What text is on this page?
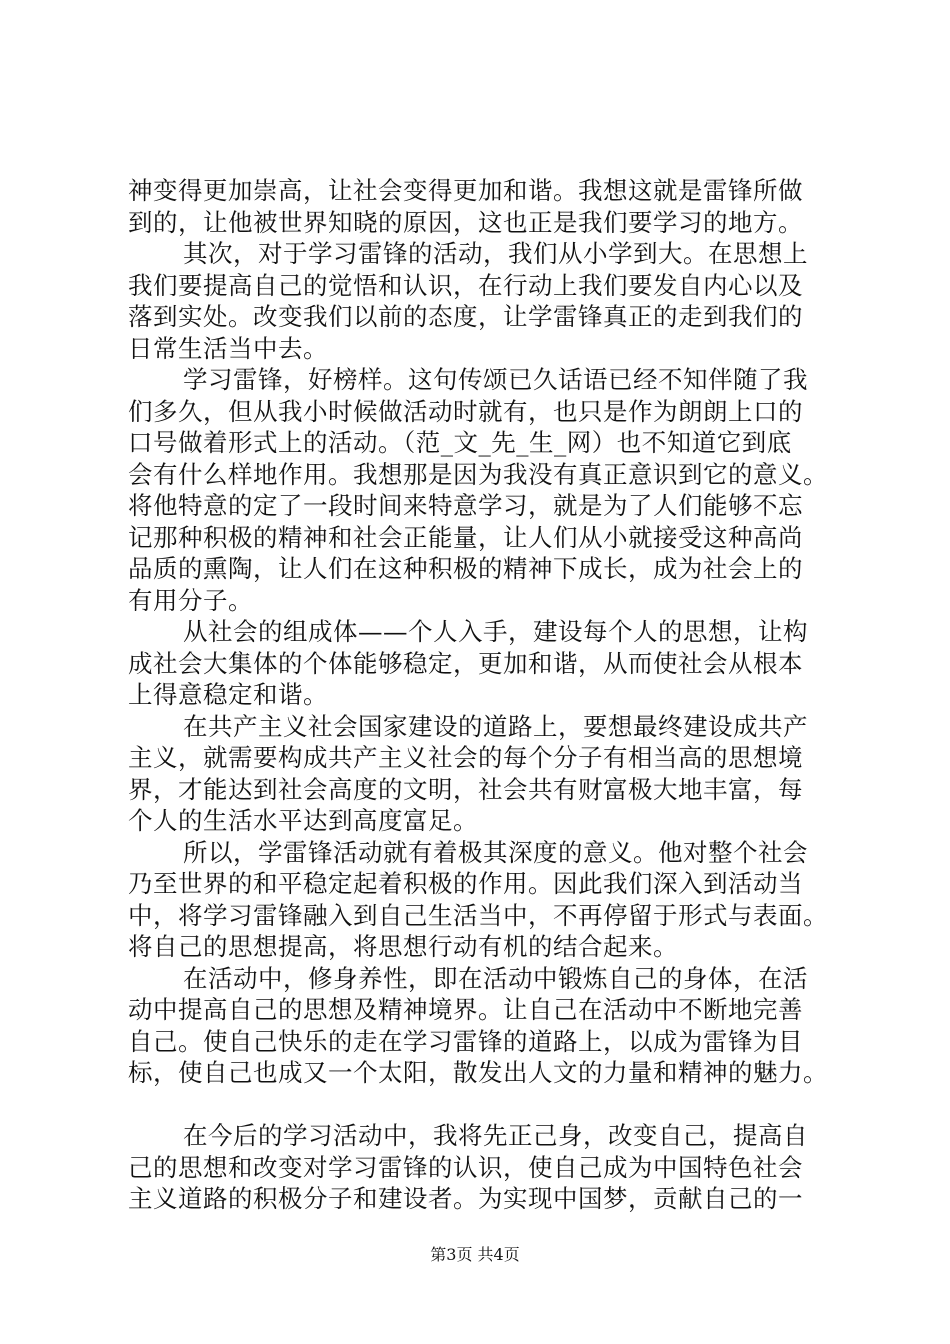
神变得更加崇高，让社会变得更加和谐。我想这就是雷锋所做
到的，让他被世界知晓的原因，这也正是我们要学习的地方。
其次，对于学习雷锋的活动，我们从小学到大。在思想上
我们要提高自己的觉悟和认识，在行动上我们要发自内心以及
落到实处。改变我们以前的态度，让学雷锋真正的走到我们的
日常生活当中去。
学习雷锋，好榜样。这句传颂已久话语已经不知伴随了我
们多久，但从我小时候做活动时就有，也只是作为朗朗上口的
口号做着形式上的活动。（范_文_先_生_网）也不知道它到底
会有什么样地作用。我想那是因为我没有真正意识到它的意义。
将他特意的定了一段时间来特意学习，就是为了人们能够不忘
记那种积极的精神和社会正能量，让人们从小就接受这种高尚
品质的熏陶，让人们在这种积极的精神下成长，成为社会上的
有用分子。
从社会的组成体——个人入手，建设每个人的思想，让构
成社会大集体的个体能够稳定，更加和谐，从而使社会从根本
上得意稳定和谐。
在共产主义社会国家建设的道路上，要想最终建设成共产
主义，就需要构成共产主义社会的每个分子有相当高的思想境
界，才能达到社会高度的文明，社会共有财富极大地丰富，每
个人的生活水平达到高度富足。
所以，学雷锋活动就有着极其深度的意义。他对整个社会
乃至世界的和平稳定起着积极的作用。因此我们深入到活动当
中，将学习雷锋融入到自己生活当中，不再停留于形式与表面。
将自己的思想提高，将思想行动有机的结合起来。
在活动中，修身养性，即在活动中锻炼自己的身体，在活
动中提高自己的思想及精神境界。让自己在活动中不断地完善
自己。使自己快乐的走在学习雷锋的道路上，以成为雷锋为目
标，使自己也成又一个太阳，散发出人文的力量和精神的魅力。
在今后的学习活动中，我将先正己身，改变自己，提高自
己的思想和改变对学习雷锋的认识，使自己成为中国特色社会
主义道路的积极分子和建设者。为实现中国梦，贡献自己的一
第3页 共4页
